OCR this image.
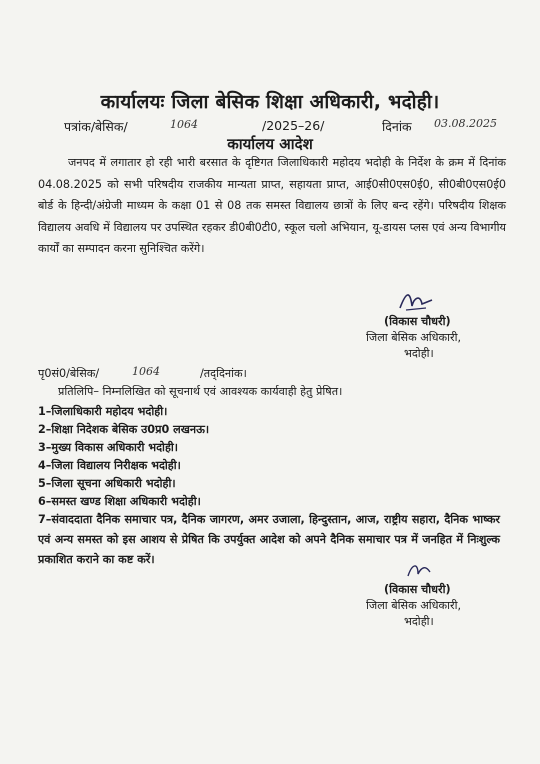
कार्यालयः जिला बेसिक शिक्षा अधिकारी, भदोही।
पत्रांक/बेसिक/	1064	/2025–26/	दिनांक 03.08.2025
कार्यालय आदेश
जनपद में लगातार हो रही भारी बरसात के दृष्टिगत जिलाधिकारी महोदय भदोही के निर्देश के क्रम में दिनांक 04.08.2025 को सभी परिषदीय राजकीय मान्यता प्राप्त, सहायता प्राप्त, आई0सी0एस0ई0, सी0बी0एस0ई0 बोर्ड के हिन्दी/अंग्रेजी माध्यम के कक्षा 01 से 08 तक समस्त विद्यालय छात्रों के लिए बन्द रहेंगे। परिषदीय शिक्षक विद्यालय अवधि में विद्यालय पर उपस्थित रहकर डी0बी0टी0, स्कूल चलो अभियान, यू-डायस प्लस एवं अन्य विभागीय कार्यों का सम्पादन करना सुनिश्चित करेंगे।
(विकास चौधरी)
जिला बेसिक अधिकारी,
भदोही।
पृ0सं0/बेसिक/	1064	/तद्‌दिनांक।
प्रतिलिपि– निम्नलिखित को सूचनार्थ एवं आवश्यक कार्यवाही हेतु प्रेषित।
1–जिलाधिकारी महोदय भदोही।
2–शिक्षा निदेशक बेसिक उ0प्र0 लखनऊ।
3–मुख्य विकास अधिकारी भदोही।
4–जिला विद्यालय निरीक्षक भदोही।
5–जिला सूचना अधिकारी भदोही।
6–समस्त खण्ड शिक्षा अधिकारी भदोही।
7–संवाददाता दैनिक समाचार पत्र, दैनिक जागरण, अमर उजाला, हिन्दुस्तान, आज, राष्ट्रीय सहारा, दैनिक भाष्कर एवं अन्य समस्त को इस आशय से प्रेषित कि उपर्युक्त आदेश को अपने दैनिक समाचार पत्र में जनहित में निःशुल्क प्रकाशित कराने का कष्ट करें।
(विकास चौधरी)
जिला बेसिक अधिकारी,
भदोही।
